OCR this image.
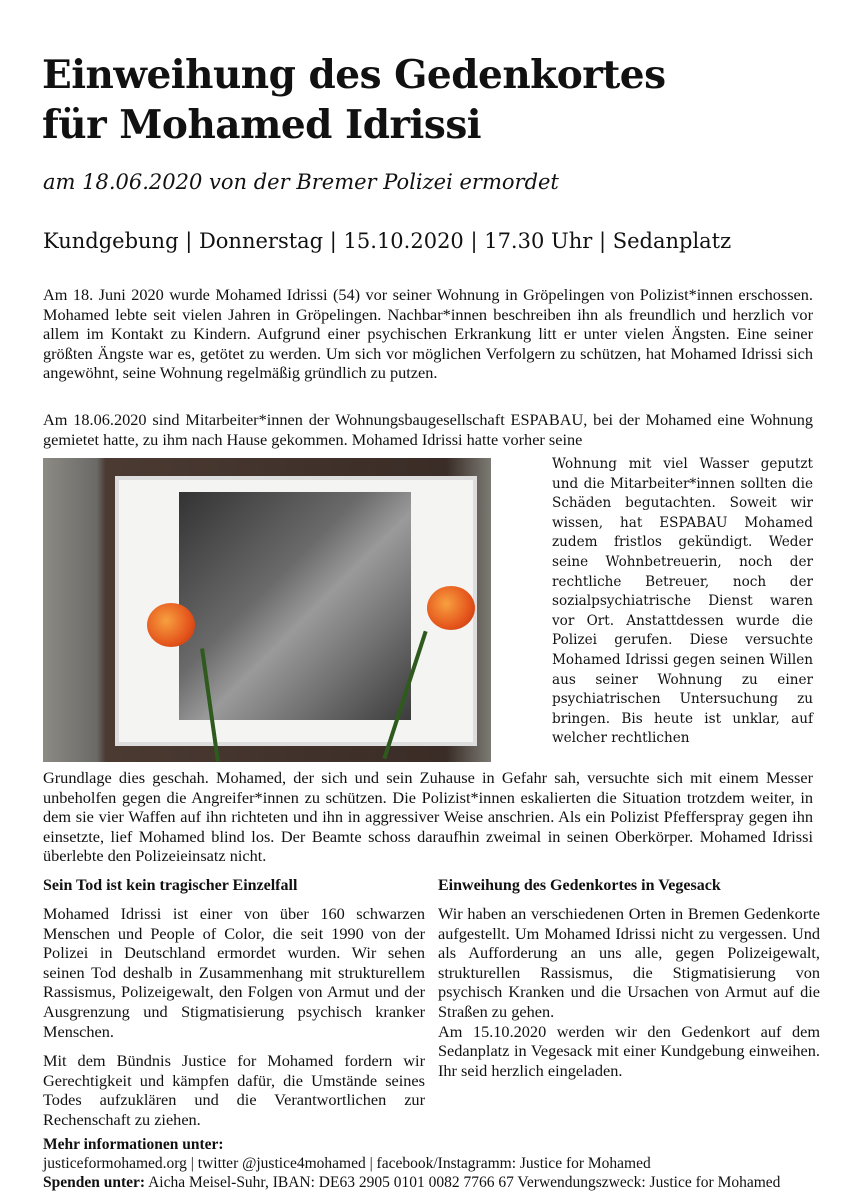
Einweihung des Gedenkortes
für Mohamed Idrissi
am 18.06.2020 von der Bremer Polizei ermordet
Kundgebung | Donnerstag | 15.10.2020 | 17.30 Uhr | Sedanplatz
Am 18. Juni 2020 wurde Mohamed Idrissi (54) vor seiner Wohnung in Gröpelingen von Polizist*innen erschossen. Mohamed lebte seit vielen Jahren in Gröpelingen. Nachbar*innen beschreiben ihn als freundlich und herzlich vor allem im Kontakt zu Kindern. Aufgrund einer psychischen Erkrankung litt er unter vielen Ängsten. Eine seiner größten Ängste war es, getötet zu werden. Um sich vor möglichen Verfolgern zu schützen, hat Mohamed Idrissi sich angewöhnt, seine Wohnung regelmäßig gründlich zu putzen.
Am 18.06.2020 sind Mitarbeiter*innen der Wohnungsbaugesellschaft ESPABAU, bei der Mohamed eine Wohnung gemietet hatte, zu ihm nach Hause gekommen. Mohamed Idrissi hatte vorher seine
Wohnung mit viel Wasser geputzt und die Mitarbeiter*innen sollten die Schäden begutachten. Soweit wir wissen, hat ESPABAU Mohamed zudem fristlos gekündigt. Weder seine Wohnbetreuerin, noch der rechtliche Betreuer, noch der sozialpsychiatrische Dienst waren vor Ort. Anstattdessen wurde die Polizei gerufen. Diese versuchte Mohamed Idrissi gegen seinen Willen aus seiner Wohnung zu einer psychiatrischen Untersuchung zu bringen. Bis heute ist unklar, auf welcher rechtlichen
Grundlage dies geschah. Mohamed, der sich und sein Zuhause in Gefahr sah, versuchte sich mit einem Messer unbeholfen gegen die Angreifer*innen zu schützen. Die Polizist*innen eskalierten die Situation trotzdem weiter, in dem sie vier Waffen auf ihn richteten und ihn in aggressiver Weise anschrien. Als ein Polizist Pfefferspray gegen ihn einsetzte, lief Mohamed blind los. Der Beamte schoss daraufhin zweimal in seinen Oberkörper. Mohamed Idrissi überlebte den Polizeieinsatz nicht.
Sein Tod ist kein tragischer Einzelfall	Einweihung des Gedenkortes in Vegesack
Mohamed Idrissi ist einer von über 160 schwarzen Menschen und People of Color, die seit 1990 von der Polizei in Deutschland ermordet wurden. Wir sehen seinen Tod deshalb in Zusammenhang mit strukturellem Rassismus, Polizeigewalt, den Folgen von Armut und der Ausgrenzung und Stigmatisierung psychisch kranker Menschen.
Mit dem Bündnis Justice for Mohamed fordern wir Gerechtigkeit und kämpfen dafür, die Umstände seines Todes aufzuklären und die Verantwortlichen zur Rechenschaft zu ziehen.
Wir haben an verschiedenen Orten in Bremen Gedenkorte aufgestellt. Um Mohamed Idrissi nicht zu vergessen. Und als Aufforderung an uns alle, gegen Polizeigewalt, strukturellen Rassismus, die Stigmatisierung von psychisch Kranken und die Ursachen von Armut auf die Straßen zu gehen.
Am 15.10.2020 werden wir den Gedenkort auf dem Sedanplatz in Vegesack mit einer Kundgebung einweihen. Ihr seid herzlich eingeladen.
Mehr informationen unter:
justiceformohamed.org | twitter @justice4mohamed | facebook/Instagramm: Justice for Mohamed
Spenden unter: Aicha Meisel-Suhr, IBAN: DE63 2905 0101 0082 7766 67 Verwendungszweck: Justice for Mohamed
